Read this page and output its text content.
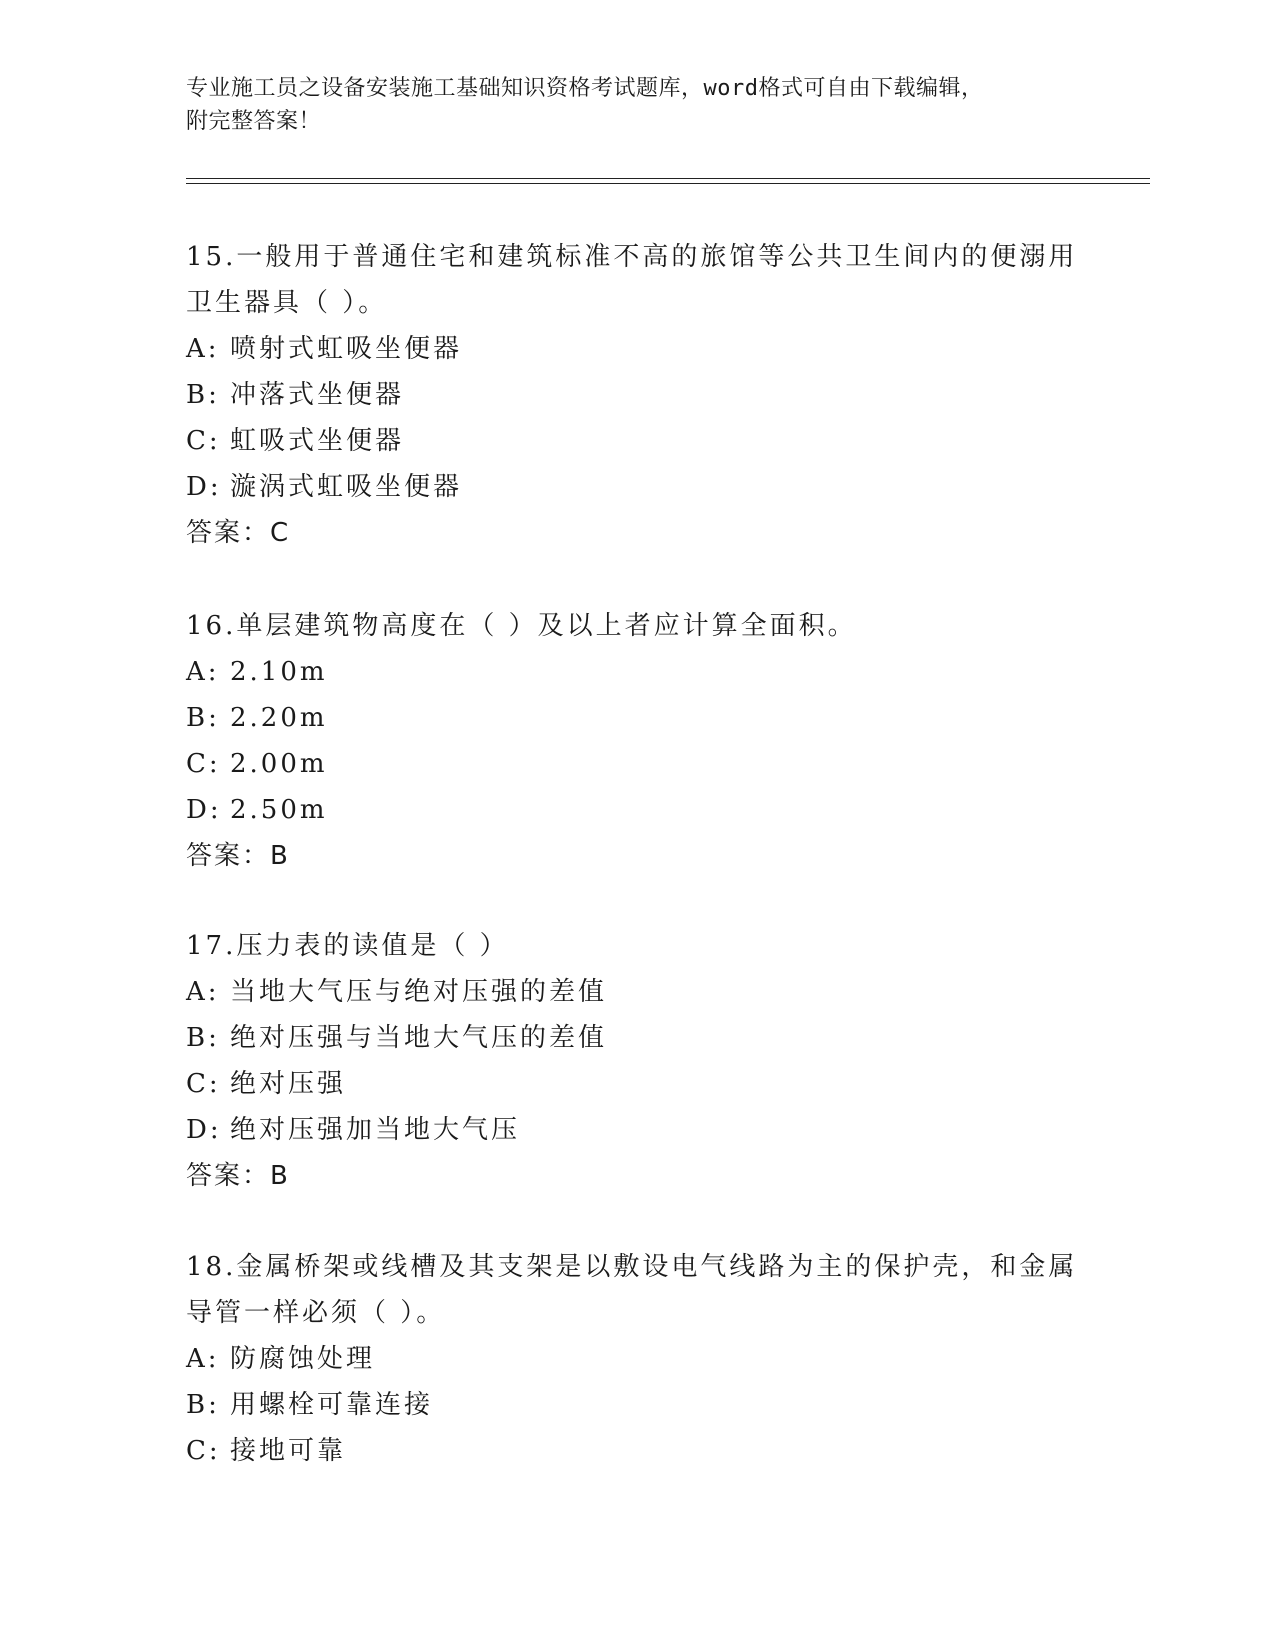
专业施工员之设备安装施工基础知识资格考试题库，word格式可自由下载编辑，
附完整答案！

15.一般用于普通住宅和建筑标准不高的旅馆等公共卫生间内的便溺用

卫生器具（ ）。

A: 喷射式虹吸坐便器

B: 冲落式坐便器

C: 虹吸式坐便器

D: 漩涡式虹吸坐便器

答案：C

16.单层建筑物高度在（ ）及以上者应计算全面积。

A: 2.10m

B: 2.20m

C: 2.00m

D: 2.50m

答案：B

17.压力表的读值是（ ）

A: 当地大气压与绝对压强的差值

B: 绝对压强与当地大气压的差值

C: 绝对压强

D: 绝对压强加当地大气压

答案：B

18.金属桥架或线槽及其支架是以敷设电气线路为主的保护壳，和金属

导管一样必须（ ）。

A: 防腐蚀处理

B: 用螺栓可靠连接

C: 接地可靠
